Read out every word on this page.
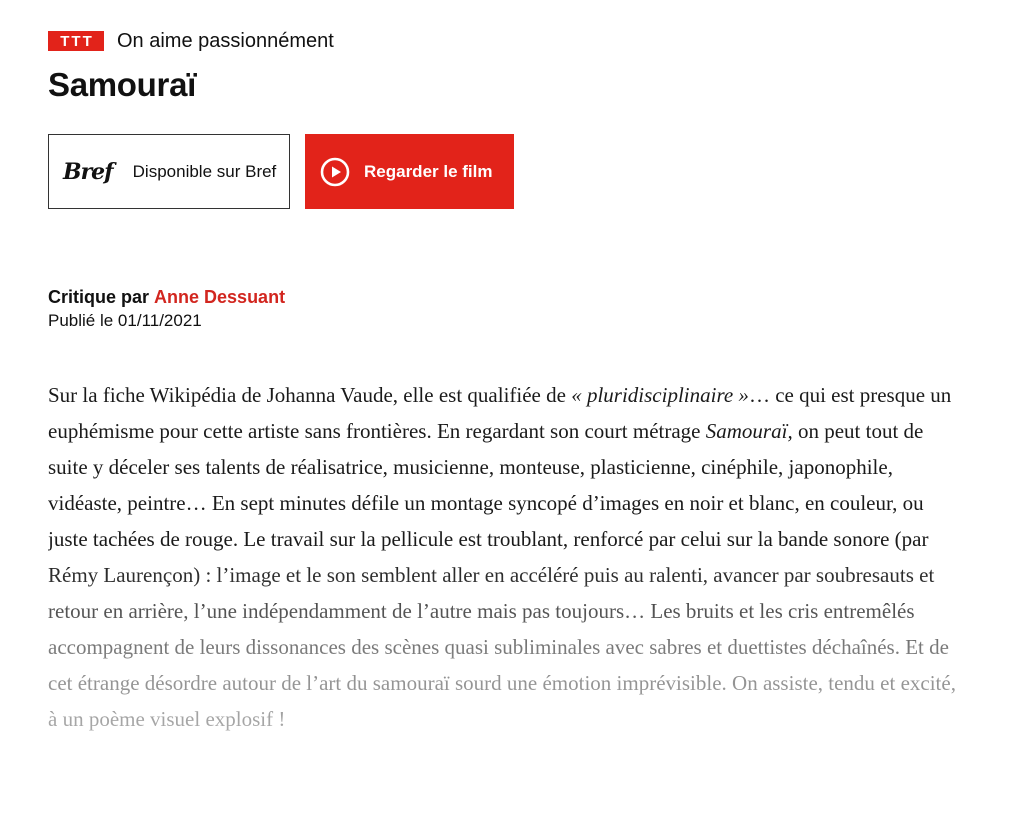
TTT	On aime passionnément
Samouraï
Bref Disponible sur Bref	Regarder le film
Critique par Anne Dessuant
Publié le 01/11/2021

Sur la fiche Wikipédia de Johanna Vaude, elle est qualifiée de « pluridisciplinaire »… ce qui est presque un euphémisme pour cette artiste sans frontières. En regardant son court métrage Samouraï, on peut tout de suite y déceler ses talents de réalisatrice, musicienne, monteuse, plasticienne, cinéphile, japonophile, vidéaste, peintre… En sept minutes défile un montage syncopé d’images en noir et blanc, en couleur, ou juste tachées de rouge. Le travail sur la pellicule est troublant, renforcé par celui sur la bande sonore (par Rémy Laurençon) : l’image et le son semblent aller en accéléré puis au ralenti, avancer par soubresauts et retour en arrière, l’une indépendamment de l’autre mais pas toujours… Les bruits et les cris entremêlés accompagnent de leurs dissonances des scènes quasi subliminales avec sabres et duettistes déchaînés. Et de cet étrange désordre autour de l’art du samouraï sourd une émotion imprévisible. On assiste, tendu et excité, à un poème visuel explosif !
